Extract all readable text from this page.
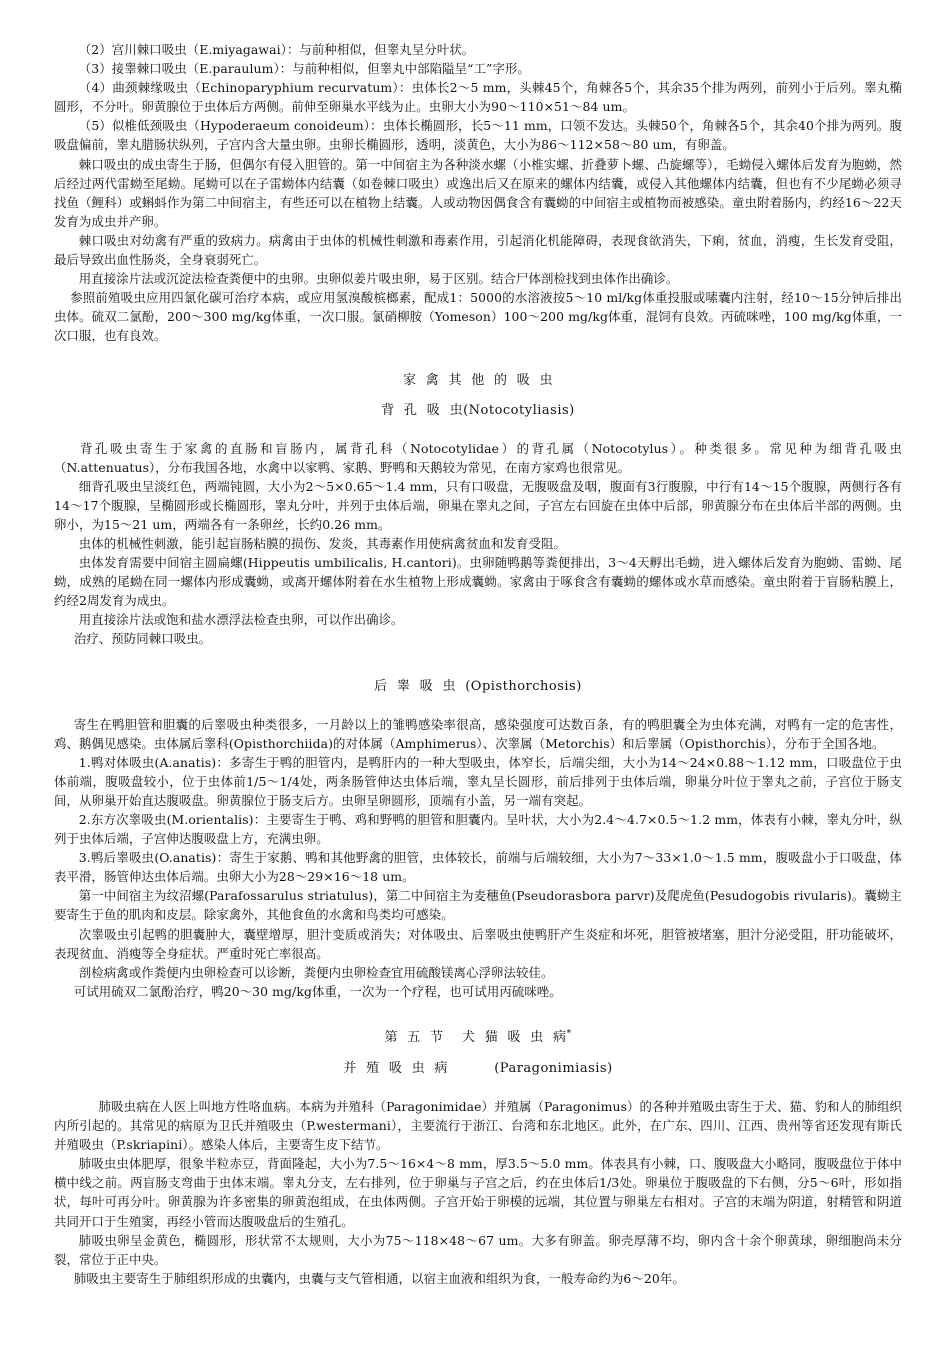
（2）宫川棘口吸虫（E.miyagawai）：与前种相似，但睾丸呈分叶状。

（3）接睾棘口吸虫（E.paraulum）：与前种相似，但睾丸中部陷隘呈“工”字形。

（4）曲颈棘缘吸虫（Echinoparyphium recurvatum）：虫体长2～5 mm，头棘45个，角棘各5个，其余35个排为两列，前列小于后列。睾丸椭圆形，不分叶。卵黄腺位于虫体后方两侧。前伸至卵巢水平线为止。虫卵大小为90～110×51～84 um。

（5）似椎低颈吸虫（Hypoderaeum conoideum）：虫体长椭圆形，长5～11 mm，口领不发达。头棘50个，角棘各5个，其余40个排为两列。腹吸盘偏前，睾丸腊肠状纵列，子宫内含大量虫卵。虫卵长椭圆形，透明，淡黄色，大小为86～112×58～80 um，有卵盖。

棘口吸虫的成虫寄生于肠，但偶尔有侵入胆管的。第一中间宿主为各种淡水螺（小椎实螺、折叠萝卜螺、凸旋螺等），毛蚴侵入螺体后发育为胞蚴，然后经过两代雷蚴至尾蚴。尾蚴可以在子雷蚴体内结囊（如卷棘口吸虫）或逸出后又在原来的螺体内结囊，或侵入其他螺体内结囊，但也有不少尾蚴必须寻找鱼（鲤科）或蝌蚪作为第二中间宿主，有些还可以在植物上结囊。人或动物因偶食含有囊蚴的中间宿主或植物而被感染。童虫附着肠内，约经16～22天发育为成虫并产卵。

棘口吸虫对幼禽有严重的致病力。病禽由于虫体的机械性刺激和毒素作用，引起消化机能障碍，表现食欲消失，下痢，贫血，消瘦，生长发育受阻，最后导致出血性肠炎，全身衰弱死亡。

用直接涂片法或沉淀法检查粪便中的虫卵。虫卵似姜片吸虫卵，易于区别。结合尸体剖检找到虫体作出确诊。

参照前殖吸虫应用四氯化碳可治疗本病，或应用氢溴酸槟榔素，配成1：5000的水溶液按5～10 ml/kg体重投服或嗉囊内注射，经10～15分钟后排出虫体。硫双二氯酚，200～300 mg/kg体重，一次口服。氯硝柳胺（Yomeson）100～200 mg/kg体重，混饲有良效。丙硫咪唑，100 mg/kg体重，一次口服，也有良效。

家  禽  其  他  的  吸  虫
背  孔  吸  虫(Notocotyliasis)

背孔吸虫寄生于家禽的直肠和盲肠内，属背孔科（Notocotylidae）的背孔属（Notocotylus）。种类很多。常见种为细背孔吸虫（N.attenuatus），分布我国各地，水禽中以家鸭、家鹅、野鸭和天鹅较为常见，在南方家鸡也很常见。

细背孔吸虫呈淡红色，两端钝圆，大小为2～5×0.65～1.4 mm，只有口吸盘，无腹吸盘及咽，腹面有3行腹腺，中行有14～15个腹腺，两侧行各有14～17个腹腺，呈椭圆形或长椭圆形，睾丸分叶，并列于虫体后端，卵巢在睾丸之间，子宫左右回旋在虫体中后部，卵黄腺分布在虫体后半部的两侧。虫卵小，为15～21 um，两端各有一条卵丝，长约0.26 mm。

虫体的机械性刺激，能引起盲肠粘膜的损伤、发炎，其毒素作用使病禽贫血和发育受阻。

虫体发育需要中间宿主圆扁螺(Hippeutis umbilicalis, H.cantori)。虫卵随鸭鹅等粪便排出，3～4天孵出毛蚴，进入螺体后发育为胞蚴、雷蚴、尾蚴，成熟的尾蚴在同一螺体内形成囊蚴，或离开螺体附着在水生植物上形成囊蚴。家禽由于啄食含有囊蚴的螺体或水草而感染。童虫附着于盲肠粘膜上，约经2周发育为成虫。

用直接涂片法或饱和盐水漂浮法检查虫卵，可以作出确诊。

治疗、预防同棘口吸虫。

后  睾  吸  虫  (Opisthorchosis)

寄生在鸭胆管和胆囊的后睾吸虫种类很多，一月龄以上的雏鸭感染率很高，感染强度可达数百条，有的鸭胆囊全为虫体充满，对鸭有一定的危害性，鸡、鹅偶见感染。虫体属后睾科(Opisthorchiida)的对体属（Amphimerus）、次睾属（Metorchis）和后睾属（Opisthorchis），分布于全国各地。

1.鸭对体吸虫(A.anatis)：多寄生于鸭的胆管内，是鸭肝内的一种大型吸虫，体窄长，后端尖细，大小为14～24×0.88～1.12 mm，口吸盘位于虫体前端，腹吸盘较小，位于虫体前1/5～1/4处，两条肠管伸达虫体后端，睾丸呈长圆形，前后排列于虫体后端，卵巢分叶位于睾丸之前，子宫位于肠支间，从卵巢开始直达腹吸盘。卵黄腺位于肠支后方。虫卵呈卵圆形，顶端有小盖，另一端有突起。

2.东方次睾吸虫(M.orientalis)：主要寄生于鸭、鸡和野鸭的胆管和胆囊内。呈叶状，大小为2.4～4.7×0.5～1.2 mm，体表有小棘，睾丸分叶，纵列于虫体后端，子宫伸达腹吸盘上方，充满虫卵。

3.鸭后睾吸虫(O.anatis)：寄生于家鹅、鸭和其他野禽的胆管，虫体较长，前端与后端较细，大小为7～33×1.0～1.5 mm，腹吸盘小于口吸盘，体表平滑，肠管伸达虫体后端。虫卵大小为28～29×16～18 um。

第一中间宿主为纹沼螺(Parafossarulus striatulus)，第二中间宿主为麦穗鱼(Pseudorasbora parvr)及爬虎鱼(Pesudogobis rivularis)。囊蚴主要寄生于鱼的肌肉和皮层。除家禽外，其他食鱼的水禽和鸟类均可感染。

次睾吸虫引起鸭的胆囊肿大，囊壁增厚，胆汁变质或消失；对体吸虫、后睾吸虫使鸭肝产生炎症和坏死，胆管被堵塞，胆汁分泌受阻，肝功能破坏，表现贫血、消瘦等全身症状。严重时死亡率很高。

剖检病禽或作粪便内虫卵检查可以诊断，粪便内虫卵检查宜用硫酸镁离心浮卵法较佳。

可试用硫双二氯酚治疗，鸭20～30 mg/kg体重，一次为一个疗程，也可试用丙硫咪唑。

第  五  节    犬  猫  吸  虫  病*
并  殖  吸  虫  病          (Paragonimiasis)

肺吸虫病在人医上叫地方性咯血病。本病为并殖科（Paragonimidae）并殖属（Paragonimus）的各种并殖吸虫寄生于犬、猫、豹和人的肺组织内所引起的。其常见的病原为卫氏并殖吸虫（P.westermani），主要流行于浙江、台湾和东北地区。此外，在广东、四川、江西、贵州等省还发现有斯氏并殖吸虫（P.skriapini）。感染人体后，主要寄生皮下结节。

肺吸虫虫体肥厚，很象半粒赤豆，背面隆起，大小为7.5～16×4～8 mm，厚3.5～5.0 mm。体表具有小棘，口、腹吸盘大小略同，腹吸盘位于体中横中线之前。两盲肠支弯曲于虫体末端。睾丸分支，左右排列，位于卵巢与子宫之后，约在虫体后1/3处。卵巢位于腹吸盘的下右侧，分5～6叶，形如指状，每叶可再分叶。卵黄腺为许多密集的卵黄泡组成，在虫体两侧。子宫开始于卵模的远端，其位置与卵巢左右相对。子宫的末端为阴道，射精管和阴道共同开口于生殖窦，再经小管而达腹吸盘后的生殖孔。

肺吸虫卵呈金黄色，椭圆形，形状常不太规则，大小为75～118×48～67 um。大多有卵盖。卵壳厚薄不均，卵内含十余个卵黄球，卵细胞尚未分裂，常位于正中央。

肺吸虫主要寄生于肺组织形成的虫囊内，虫囊与支气管相通，以宿主血液和组织为食，一般寿命约为6～20年。
